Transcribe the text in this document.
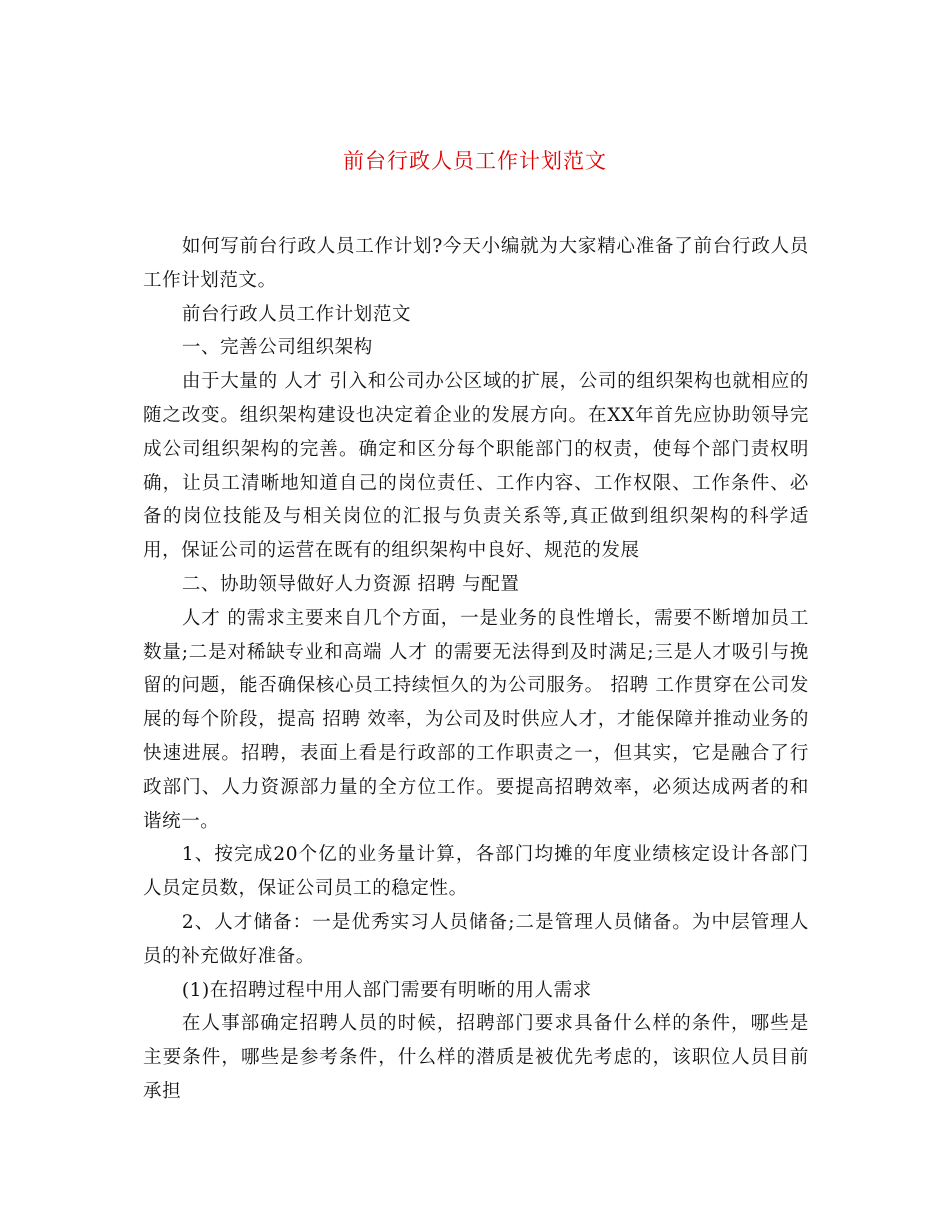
前台行政人员工作计划范文

如何写前台行政人员工作计划?今天小编就为大家精心准备了前台行政人员工作计划范文。

前台行政人员工作计划范文

一、完善公司组织架构

由于大量的 人才 引入和公司办公区域的扩展，公司的组织架构也就相应的随之改变。组织架构建设也决定着企业的发展方向。在XX年首先应协助领导完成公司组织架构的完善。确定和区分每个职能部门的权责，使每个部门责权明确，让员工清晰地知道自己的岗位责任、工作内容、工作权限、工作条件、必备的岗位技能及与相关岗位的汇报与负责关系等,真正做到组织架构的科学适用，保证公司的运营在既有的组织架构中良好、规范的发展

二、协助领导做好人力资源 招聘 与配置

人才 的需求主要来自几个方面，一是业务的良性增长，需要不断增加员工数量;二是对稀缺专业和高端 人才 的需要无法得到及时满足;三是人才吸引与挽留的问题，能否确保核心员工持续恒久的为公司服务。 招聘 工作贯穿在公司发展的每个阶段，提高 招聘 效率，为公司及时供应人才，才能保障并推动业务的快速进展。招聘，表面上看是行政部的工作职责之一，但其实，它是融合了行政部门、人力资源部力量的全方位工作。要提高招聘效率，必须达成两者的和谐统一。

1、按完成20个亿的业务量计算，各部门均摊的年度业绩核定设计各部门人员定员数，保证公司员工的稳定性。

2、人才储备：一是优秀实习人员储备;二是管理人员储备。为中层管理人员的补充做好准备。

(1)在招聘过程中用人部门需要有明晰的用人需求

在人事部确定招聘人员的时候，招聘部门要求具备什么样的条件，哪些是主要条件，哪些是参考条件，什么样的潜质是被优先考虑的，该职位人员目前承担
